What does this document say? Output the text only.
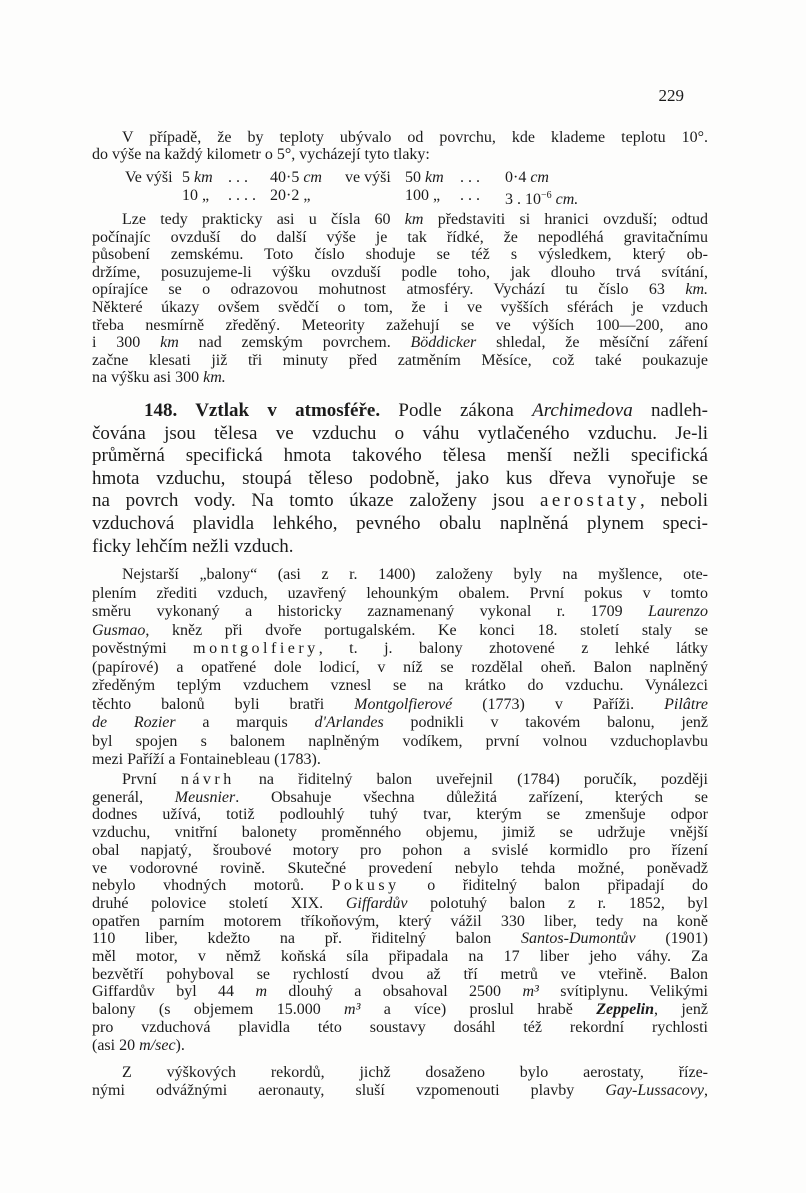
229
V případě, že by teploty ubývalo od povrchu, kde klademe teplotu 10°.
do výše na každý kilometr o 5°, vycházejí tyto tlaky:
Ve výši 5 km . . . 40·5 cm ve výši 50 km . . . 0·4 cm
10 „ . . . . 20·2 „	100 „ . . . 3 . $10^{-6}$ cm.
Lze tedy prakticky asi u čísla 60 km představiti si hranici ovzduší; odtud
počínajíc ovzduší do další výše je tak řídké, že nepodléhá gravitačnímu
působení zemskému. Toto číslo shoduje se též s výsledkem, který ob-
držíme, posuzujeme-li výšku ovzduší podle toho, jak dlouho trvá svítání,
opírajíce se o odrazovou mohutnost atmosféry. Vychází tu číslo 63 km.
Některé úkazy ovšem svědčí o tom, že i ve vyšších sférách je vzduch
třeba nesmírně zředěný. Meteority zažehují se ve výších 100—200, ano
i 300 km nad zemským povrchem. Böddicker shledal, že měsíční záření
začne klesati již tři minuty před zatměním Měsíce, což také poukazuje
na výšku asi 300 km.
148. Vztlak v atmosféře. Podle zákona Archimedova nadleh-
čována jsou tělesa ve vzduchu o váhu vytlačeného vzduchu. Je-li
průměrná specifická hmota takového tělesa menší nežli specifická
hmota vzduchu, stoupá těleso podobně, jako kus dřeva vynořuje se
na povrch vody. Na tomto úkaze založeny jsou aerostaty, neboli
vzduchová plavidla lehkého, pevného obalu naplněná plynem speci-
ficky lehčím nežli vzduch.
Nejstarší „balony“ (asi z r. 1400) založeny byly na myšlence, ote-
plením zřediti vzduch, uzavřený lehounkým obalem. První pokus v tomto
směru vykonaný a historicky zaznamenaný vykonal r. 1709 Laurenzo
Gusmao, kněz při dvoře portugalském. Ke konci 18. století staly se
pověstnými montgolfiery, t. j. balony zhotovené z lehké látky
(papírové) a opatřené dole lodicí, v níž se rozdělal oheň. Balon naplněný
zředěným teplým vzduchem vznesl se na krátko do vzduchu. Vynálezci
těchto balonů byli bratři Montgolfierové (1773) v Paříži. Pilâtre
de Rozier a marquis d'Arlandes podnikli v takovém balonu, jenž
byl spojen s balonem naplněným vodíkem, první volnou vzduchoplavbu
mezi Paříží a Fontainebleau (1783).
První návrh na řiditelný balon uveřejnil (1784) poručík, později
generál, Meusnier. Obsahuje všechna důležitá zařízení, kterých se
dodnes užívá, totiž podlouhlý tuhý tvar, kterým se zmenšuje odpor
vzduchu, vnitřní balonety proměnného objemu, jimiž se udržuje vnější
obal napjatý, šroubové motory pro pohon a svislé kormidlo pro řízení
ve vodorovné rovině. Skutečné provedení nebylo tehda možné, poněvadž
nebylo vhodných motorů. Pokusy o řiditelný balon připadají do
druhé polovice století XIX. Giffardův polotuhý balon z r. 1852, byl
opatřen parním motorem tříkoňovým, který vážil 330 liber, tedy na koně
110 liber, kdežto na př. řiditelný balon Santos-Dumontův (1901)
měl motor, v němž koňská síla připadala na 17 liber jeho váhy. Za
bezvětří pohyboval se rychlostí dvou až tří metrů ve vteřině. Balon
Giffardův byl 44 m dlouhý a obsahoval 2500 m³ svítiplynu. Velikými
balony (s objemem 15.000 m³ a více) proslul hrabě Zeppelin, jenž
pro vzduchová plavidla této soustavy dosáhl též rekordní rychlosti
(asi 20 m/sec).
Z výškových rekordů, jichž dosaženo bylo aerostaty, říze-
nými odvážnými aeronauty, sluší vzpomenouti plavby Gay-Lussacovy,
